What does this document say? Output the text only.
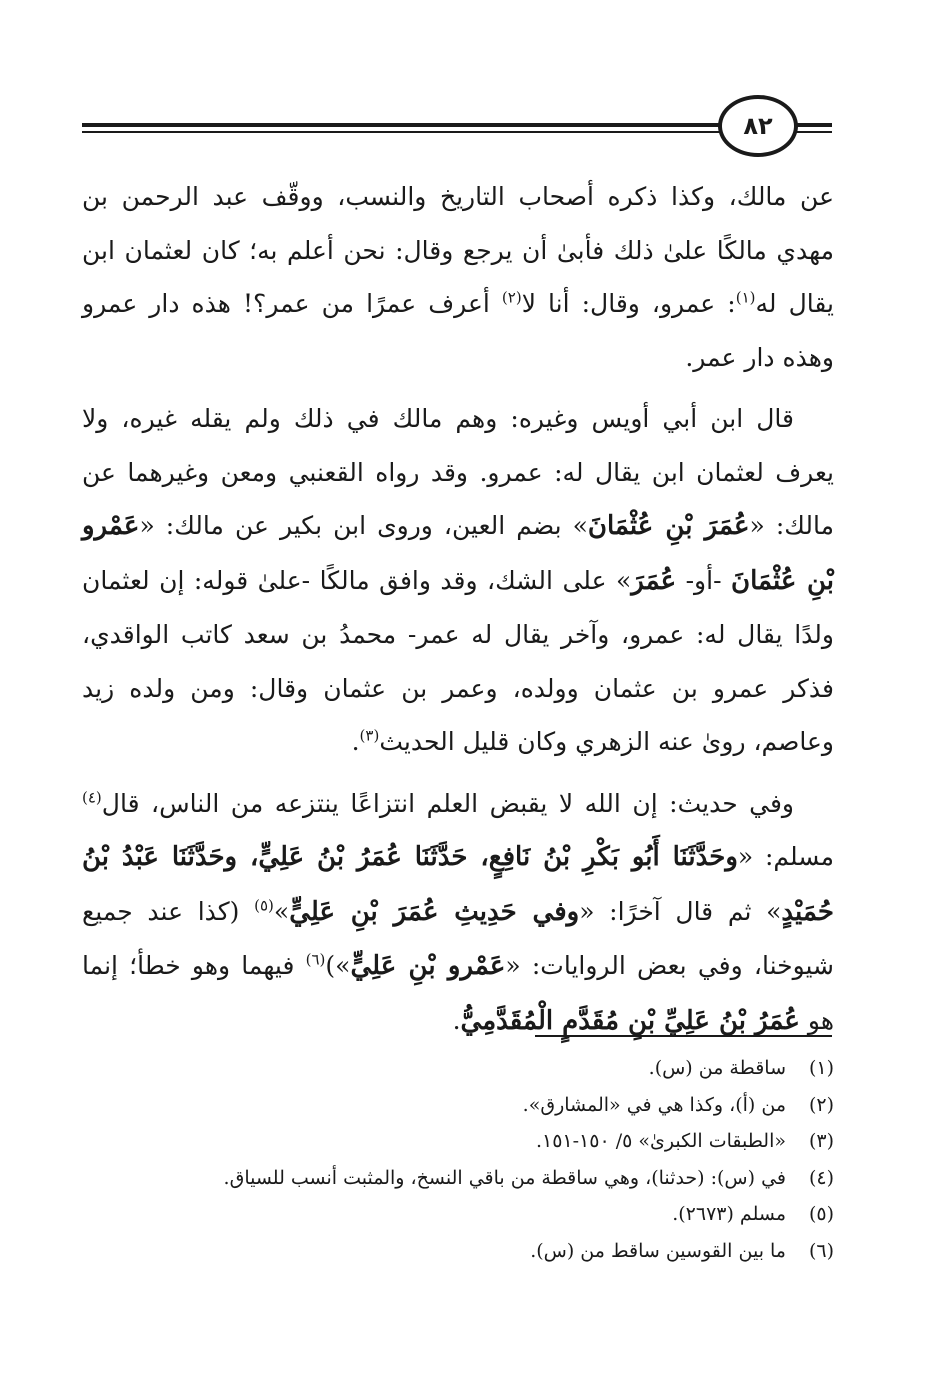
٨٢

عن مالك، وكذا ذكره أصحاب التاريخ والنسب، ووقّف عبد الرحمن بن مهدي مالكًا علىٰ ذلك فأبىٰ أن يرجع وقال: نحن أعلم به؛ كان لعثمان ابن يقال له$^{(١)}$: عمرو، وقال: أنا لا$^{(٢)}$ أعرف عمرًا من عمر؟! هذه دار عمرو وهذه دار عمر.

قال ابن أبي أويس وغيره: وهم مالك في ذلك ولم يقله غيره، ولا يعرف لعثمان ابن يقال له: عمرو. وقد رواه القعنبي ومعن وغيرهما عن مالك: «عُمَرَ بْنِ عُثْمَانَ» بضم العين، وروى ابن بكير عن مالك: «عَمْرو بْنِ عُثْمَانَ -أو- عُمَرَ» على الشك، وقد وافق مالكًا -علىٰ قوله: إن لعثمان ولدًا يقال له: عمرو، وآخر يقال له عمر- محمدُ بن سعد كاتب الواقدي، فذكر عمرو بن عثمان وولده، وعمر بن عثمان وقال: ومن ولده زيد وعاصم، روىٰ عنه الزهري وكان قليل الحديث$^{(٣)}$.

وفي حديث: إن الله لا يقبض العلم انتزاعًا ينتزعه من الناس، قال$^{(٤)}$ مسلم: «وحَدَّثَنَا أَبُو بَكْرِ بْنُ نَافِعٍ، حَدَّثَنَا عُمَرُ بْنُ عَلِيٍّ، وحَدَّثَنَا عَبْدُ بْنُ حُمَيْدٍ» ثم قال آخرًا: «وفي حَدِيثِ عُمَرَ بْنِ عَلِيٍّ»$^{(٥)}$ (كذا عند جميع شيوخنا، وفي بعض الروايات: «عَمْرو بْنِ عَلِيٍّ»)$^{(٦)}$ فيهما وهو خطأ؛ إنما هو عُمَرُ بْنُ عَلِيِّ بْنِ مُقَدَّمٍ الْمُقَدَّمِيُّ.

(١)
ساقطة من (س).
(٢)
من (أ)، وكذا هي في «المشارق».
(٣)
«الطبقات الكبرىٰ» ٥/ ١٥٠-١٥١.
(٤)
في (س): (حدثنا)، وهي ساقطة من باقي النسخ، والمثبت أنسب للسياق.
(٥)
مسلم (٢٦٧٣).
(٦)
ما بين القوسين ساقط من (س).
